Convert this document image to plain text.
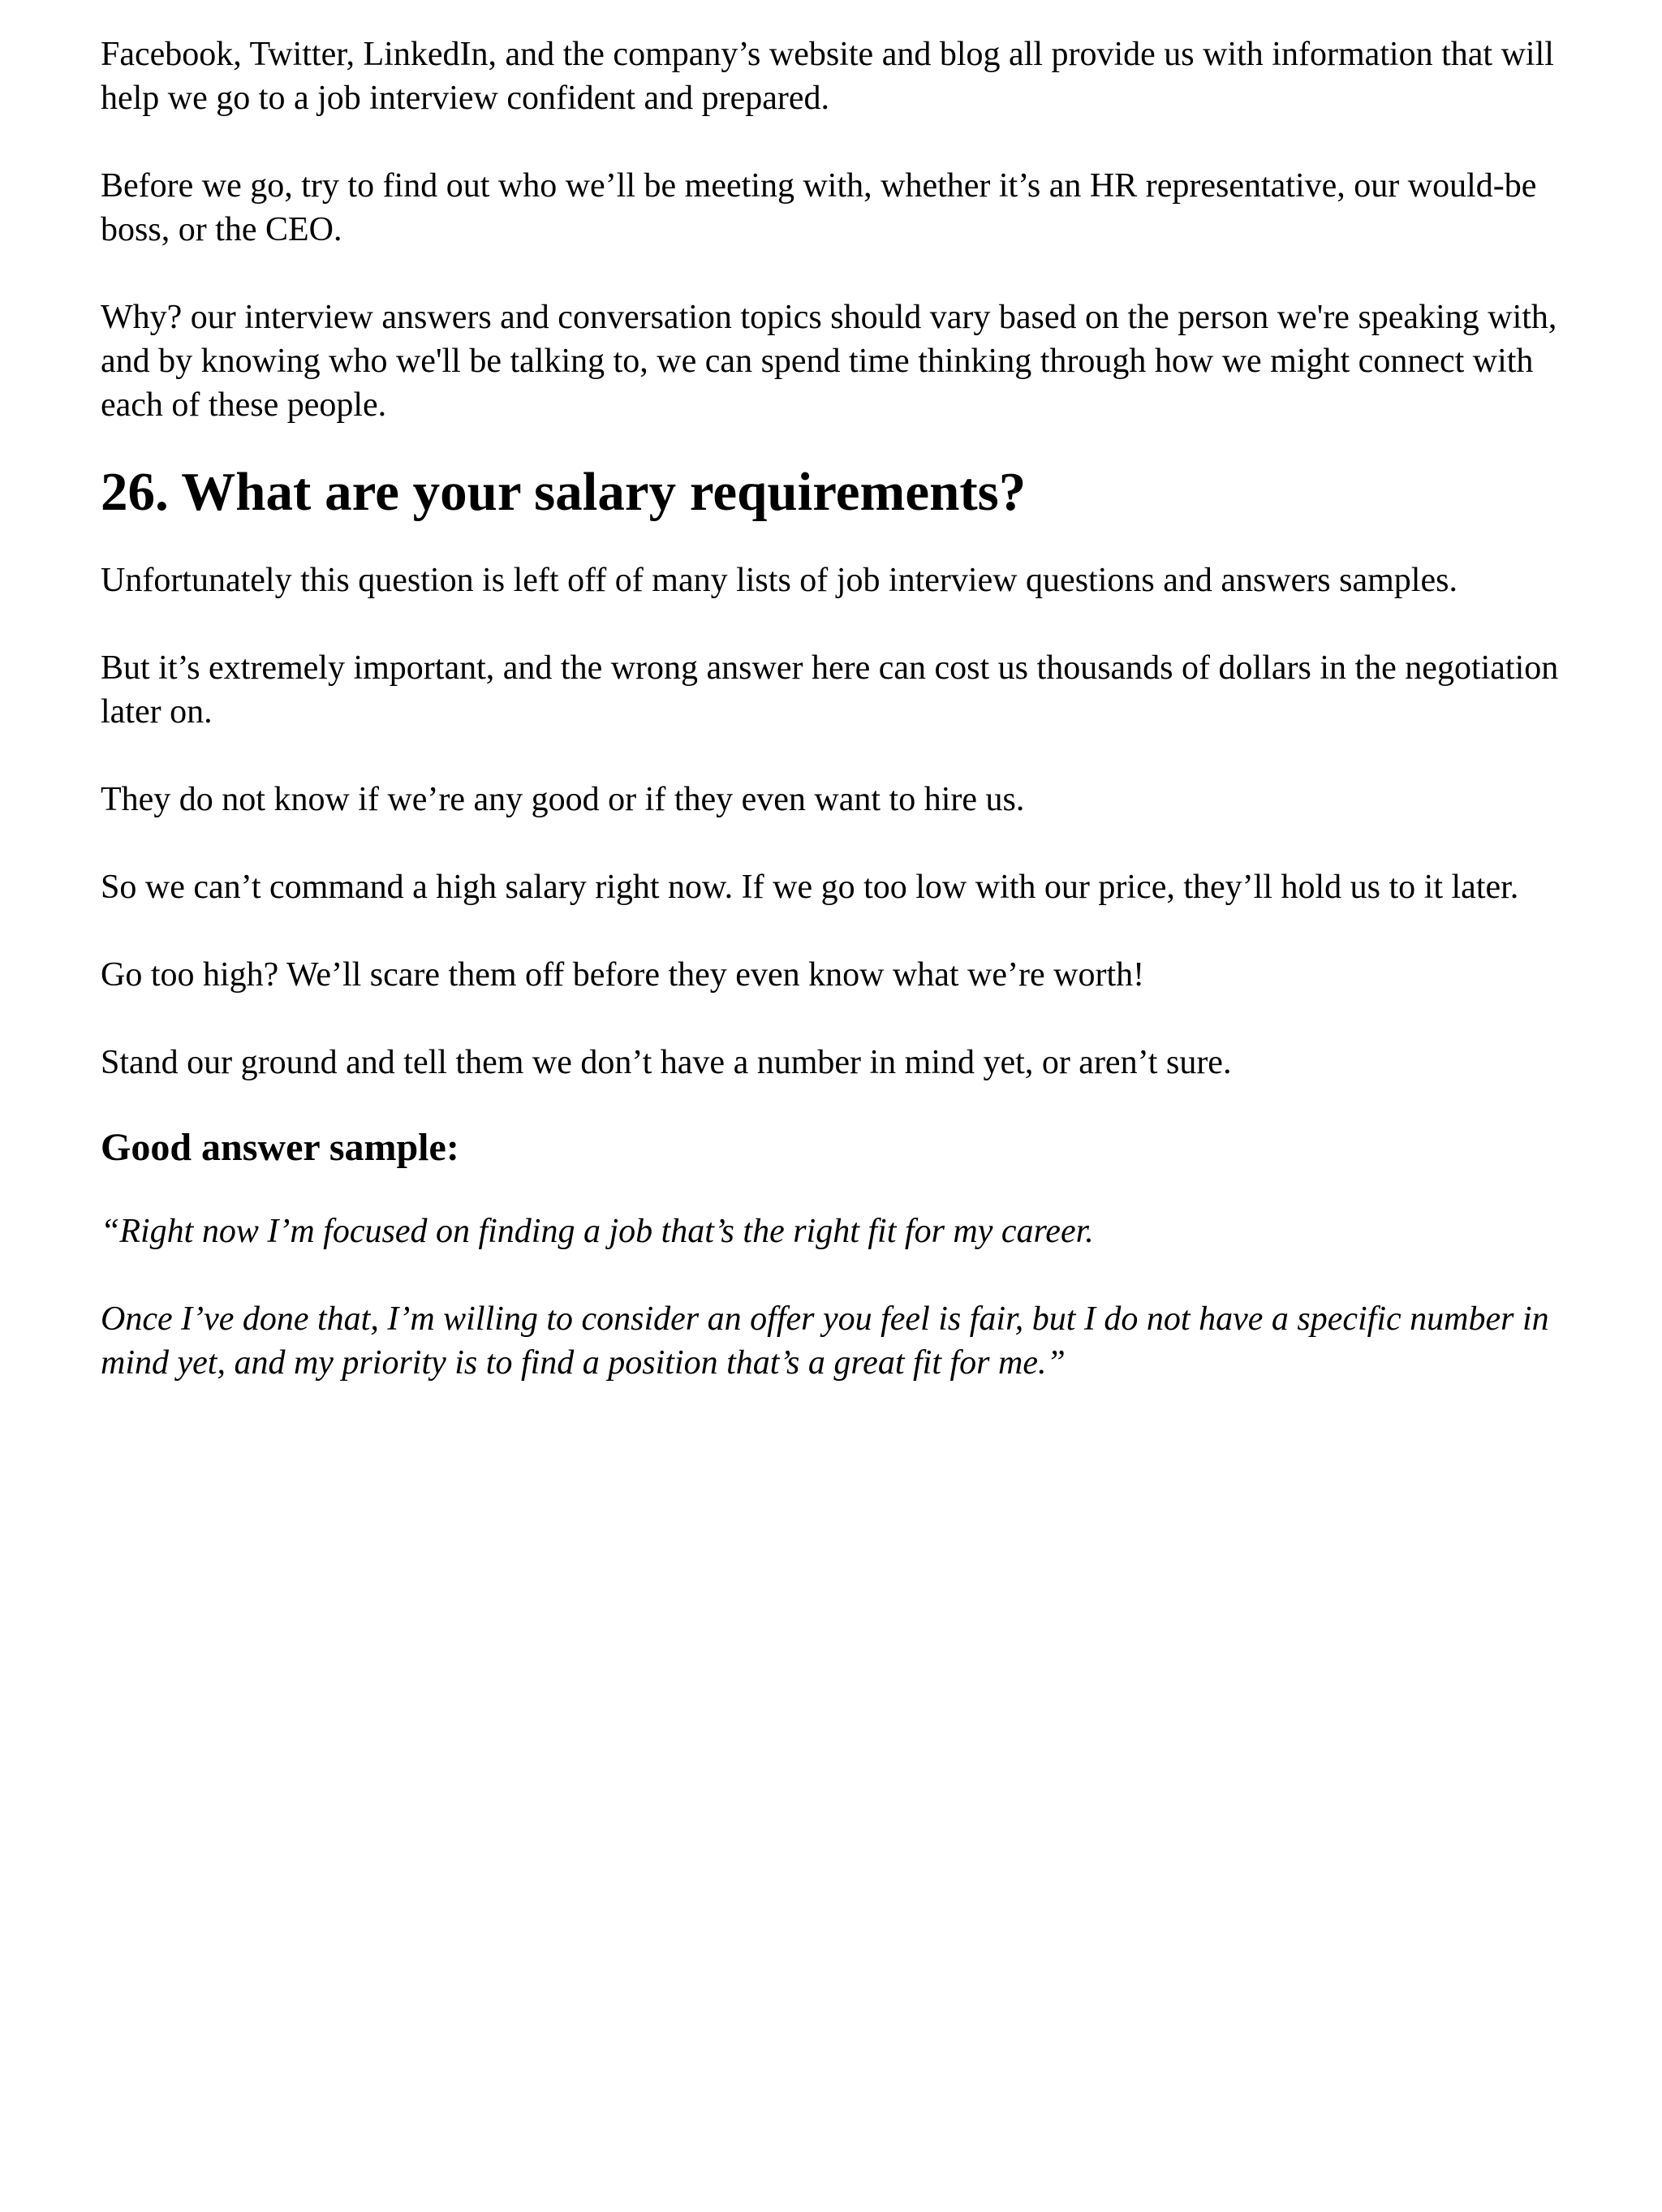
Facebook, Twitter, LinkedIn, and the company’s website and blog all provide us with information that will help we go to a job interview confident and prepared.

Before we go, try to find out who we’ll be meeting with, whether it’s an HR representative, our would-be boss, or the CEO.

Why? our interview answers and conversation topics should vary based on the person we're speaking with, and by knowing who we'll be talking to, we can spend time thinking through how we might connect with each of these people.

26. What are your salary requirements?

Unfortunately this question is left off of many lists of job interview questions and answers samples.

But it’s extremely important, and the wrong answer here can cost us thousands of dollars in the negotiation later on.

They do not know if we’re any good or if they even want to hire us.

So we can’t command a high salary right now. If we go too low with our price, they’ll hold us to it later.

Go too high? We’ll scare them off before they even know what we’re worth!

Stand our ground and tell them we don’t have a number in mind yet, or aren’t sure.

Good answer sample:

“Right now I’m focused on finding a job that’s the right fit for my career.

Once I’ve done that, I’m willing to consider an offer you feel is fair, but I do not have a specific number in mind yet, and my priority is to find a position that’s a great fit for me.”
